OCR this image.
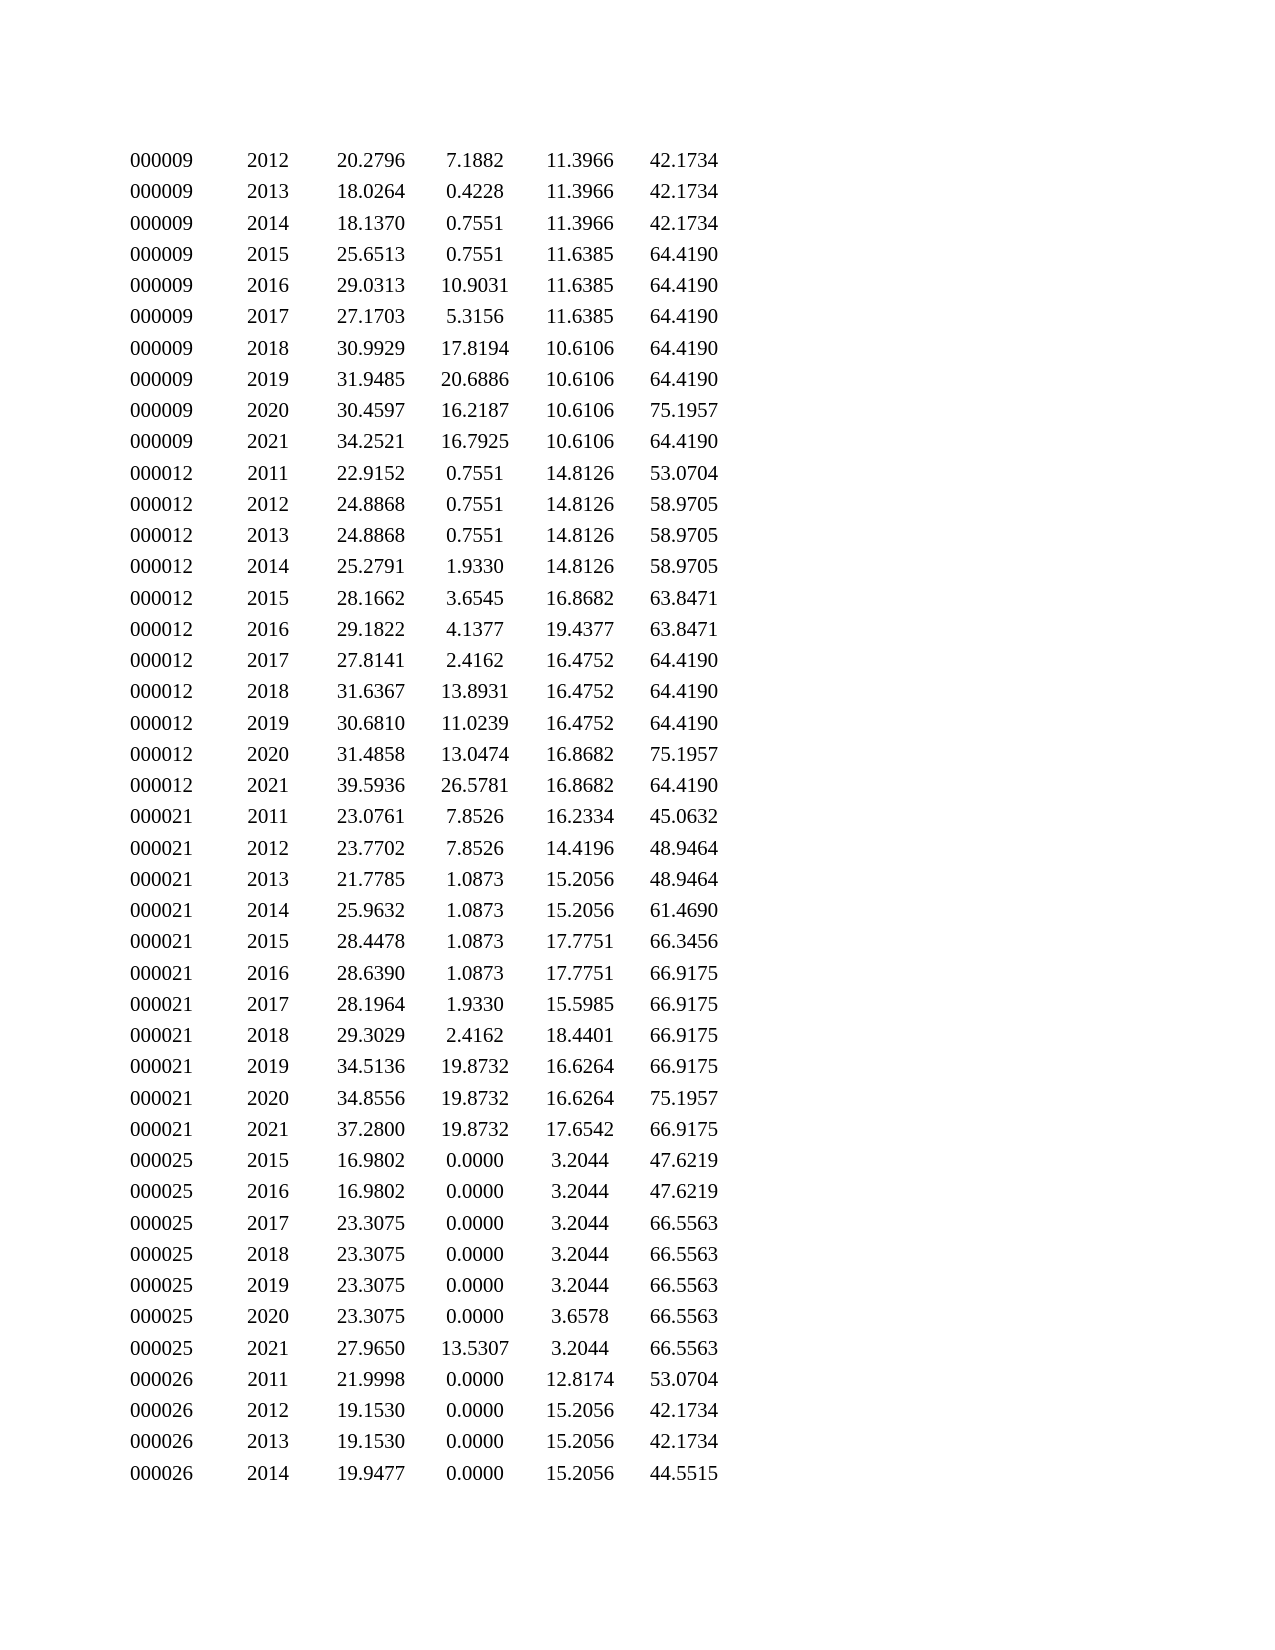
000009	2012	20.2796	7.1882	11.3966	42.1734
000009	2013	18.0264	0.4228	11.3966	42.1734
000009	2014	18.1370	0.7551	11.3966	42.1734
000009	2015	25.6513	0.7551	11.6385	64.4190
000009	2016	29.0313	10.9031	11.6385	64.4190
000009	2017	27.1703	5.3156	11.6385	64.4190
000009	2018	30.9929	17.8194	10.6106	64.4190
000009	2019	31.9485	20.6886	10.6106	64.4190
000009	2020	30.4597	16.2187	10.6106	75.1957
000009	2021	34.2521	16.7925	10.6106	64.4190
000012	2011	22.9152	0.7551	14.8126	53.0704
000012	2012	24.8868	0.7551	14.8126	58.9705
000012	2013	24.8868	0.7551	14.8126	58.9705
000012	2014	25.2791	1.9330	14.8126	58.9705
000012	2015	28.1662	3.6545	16.8682	63.8471
000012	2016	29.1822	4.1377	19.4377	63.8471
000012	2017	27.8141	2.4162	16.4752	64.4190
000012	2018	31.6367	13.8931	16.4752	64.4190
000012	2019	30.6810	11.0239	16.4752	64.4190
000012	2020	31.4858	13.0474	16.8682	75.1957
000012	2021	39.5936	26.5781	16.8682	64.4190
000021	2011	23.0761	7.8526	16.2334	45.0632
000021	2012	23.7702	7.8526	14.4196	48.9464
000021	2013	21.7785	1.0873	15.2056	48.9464
000021	2014	25.9632	1.0873	15.2056	61.4690
000021	2015	28.4478	1.0873	17.7751	66.3456
000021	2016	28.6390	1.0873	17.7751	66.9175
000021	2017	28.1964	1.9330	15.5985	66.9175
000021	2018	29.3029	2.4162	18.4401	66.9175
000021	2019	34.5136	19.8732	16.6264	66.9175
000021	2020	34.8556	19.8732	16.6264	75.1957
000021	2021	37.2800	19.8732	17.6542	66.9175
000025	2015	16.9802	0.0000	3.2044	47.6219
000025	2016	16.9802	0.0000	3.2044	47.6219
000025	2017	23.3075	0.0000	3.2044	66.5563
000025	2018	23.3075	0.0000	3.2044	66.5563
000025	2019	23.3075	0.0000	3.2044	66.5563
000025	2020	23.3075	0.0000	3.6578	66.5563
000025	2021	27.9650	13.5307	3.2044	66.5563
000026	2011	21.9998	0.0000	12.8174	53.0704
000026	2012	19.1530	0.0000	15.2056	42.1734
000026	2013	19.1530	0.0000	15.2056	42.1734
000026	2014	19.9477	0.0000	15.2056	44.5515
